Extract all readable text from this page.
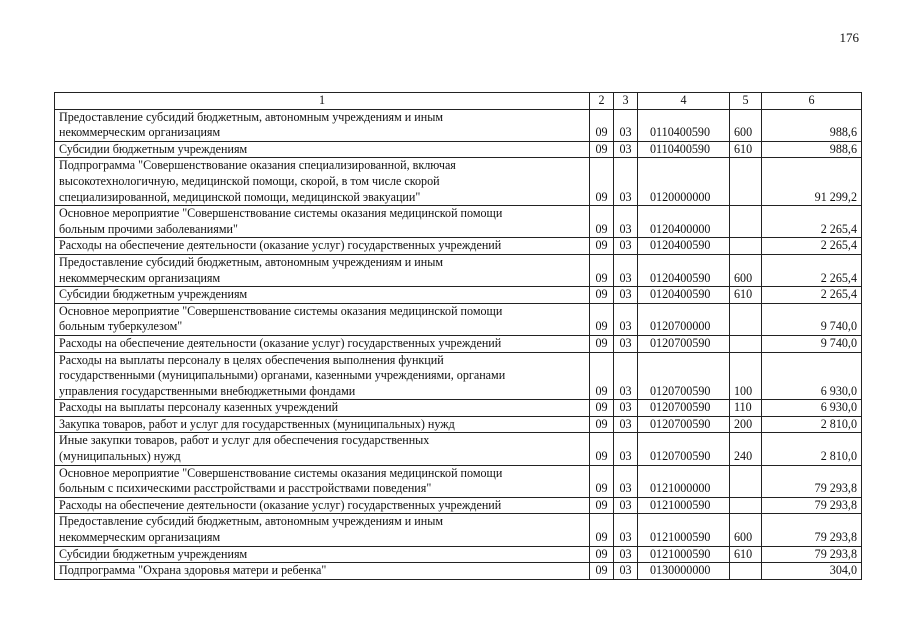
176
1	2	3	4	5	6
Предоставление субсидий бюджетным, автономным учреждениям и иным
некоммерческим организациям	09	03	0110400590	600	988,6
Субсидии бюджетным учреждениям	09	03	0110400590	610	988,6
Подпрограмма "Совершенствование оказания специализированной, включая
высокотехнологичную, медицинской помощи, скорой, в том числе скорой
специализированной, медицинской помощи, медицинской эвакуации"	09	03	0120000000		91 299,2
Основное мероприятие "Совершенствование системы оказания медицинской помощи
больным прочими заболеваниями"	09	03	0120400000		2 265,4
Расходы на обеспечение деятельности (оказание услуг) государственных учреждений	09	03	0120400590		2 265,4
Предоставление субсидий бюджетным, автономным учреждениям и иным
некоммерческим организациям	09	03	0120400590	600	2 265,4
Субсидии бюджетным учреждениям	09	03	0120400590	610	2 265,4
Основное мероприятие "Совершенствование системы оказания медицинской помощи
больным туберкулезом"	09	03	0120700000		9 740,0
Расходы на обеспечение деятельности (оказание услуг) государственных учреждений	09	03	0120700590		9 740,0
Расходы на выплаты персоналу в целях обеспечения выполнения функций
государственными (муниципальными) органами, казенными учреждениями, органами
управления государственными внебюджетными фондами	09	03	0120700590	100	6 930,0
Расходы на выплаты персоналу казенных учреждений	09	03	0120700590	110	6 930,0
Закупка товаров, работ и услуг для государственных (муниципальных) нужд	09	03	0120700590	200	2 810,0
Иные закупки товаров, работ и услуг для обеспечения государственных
(муниципальных) нужд	09	03	0120700590	240	2 810,0
Основное мероприятие "Совершенствование системы оказания медицинской помощи
больным с психическими расстройствами и расстройствами поведения"	09	03	0121000000		79 293,8
Расходы на обеспечение деятельности (оказание услуг) государственных учреждений	09	03	0121000590		79 293,8
Предоставление субсидий бюджетным, автономным учреждениям и иным
некоммерческим организациям	09	03	0121000590	600	79 293,8
Субсидии бюджетным учреждениям	09	03	0121000590	610	79 293,8
Подпрограмма "Охрана здоровья матери и ребенка"	09	03	0130000000		304,0
